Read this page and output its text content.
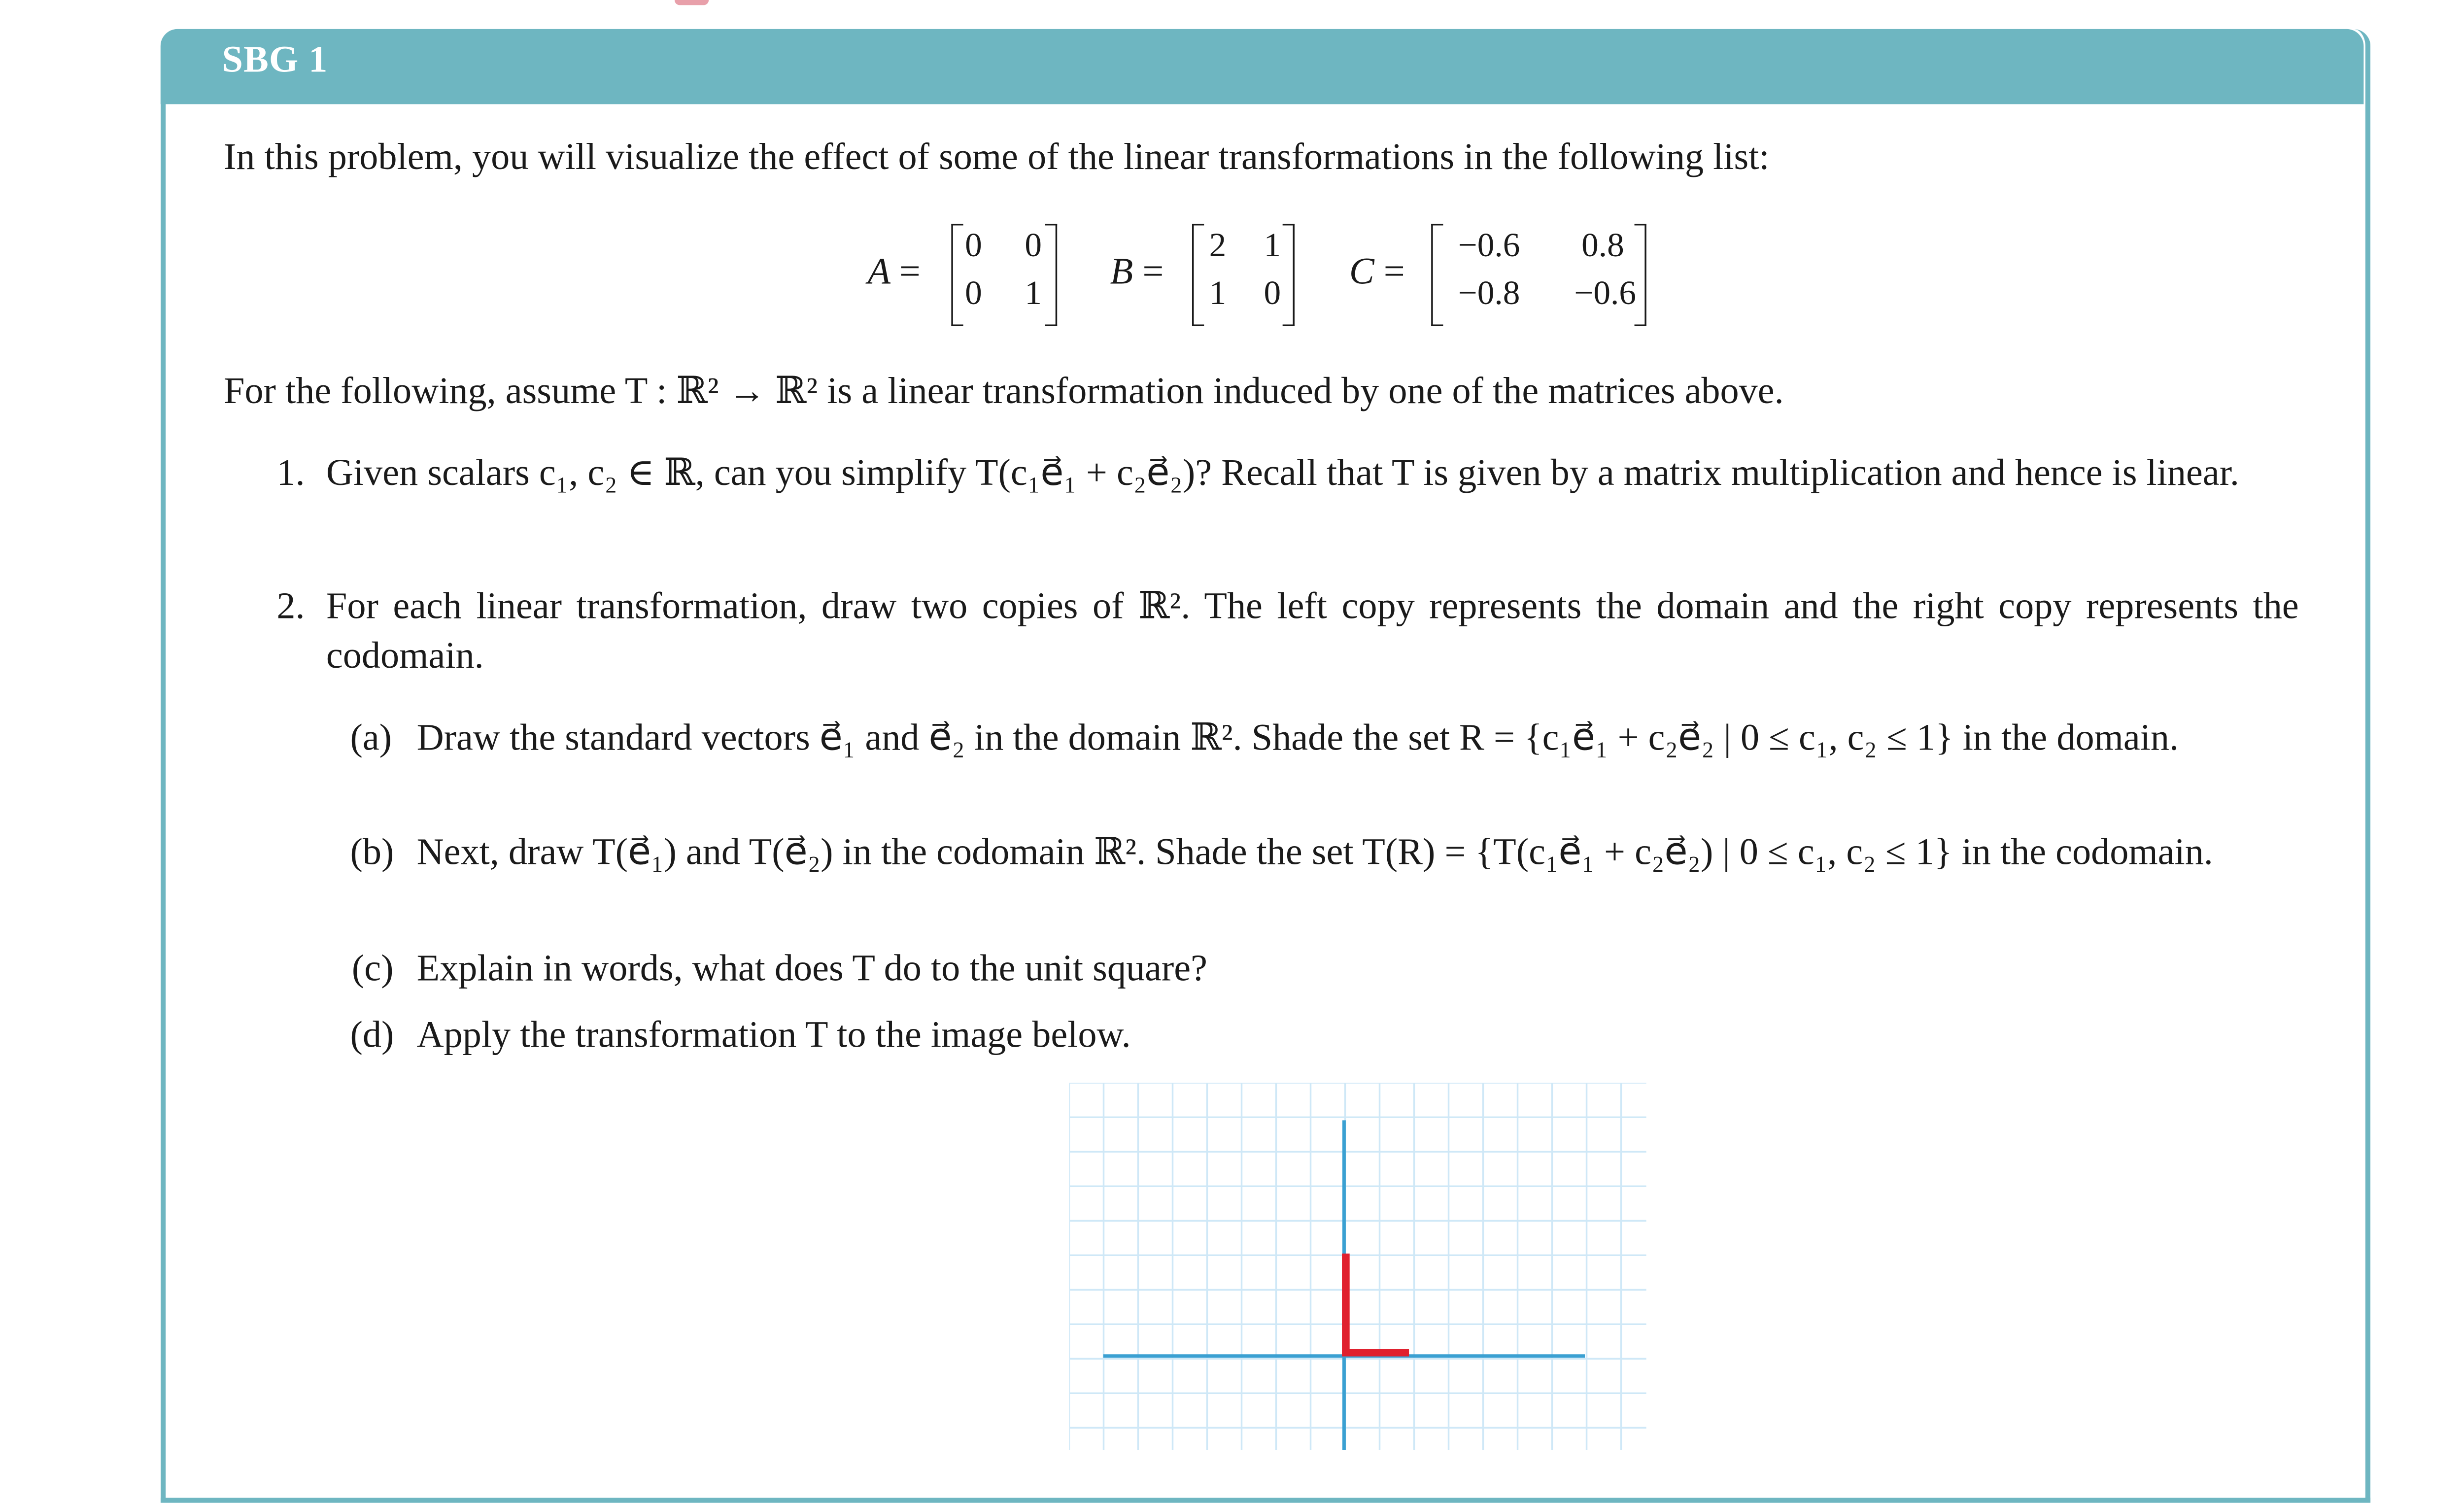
SBG 1
In this problem, you will visualize the effect of some of the linear transformations in the following list:
A =
0	0
0	1
B =
2	1
1	0
C =
−0.6	0.8
−0.8	−0.6
For the following, assume T : ℝ² → ℝ² is a linear transformation induced by one of the matrices above.
1. Given scalars c₁, c₂ ∈ ℝ, can you simplify T(c₁e⃗₁ + c₂e⃗₂)? Recall that T is given by a matrix multiplication and hence is linear.
2. For each linear transformation, draw two copies of ℝ². The left copy represents the domain and the right copy represents the codomain.
(a) Draw the standard vectors e⃗₁ and e⃗₂ in the domain ℝ². Shade the set R = {c₁e⃗₁ + c₂e⃗₂ | 0 ≤ c₁, c₂ ≤ 1} in the domain.
(b) Next, draw T(e⃗₁) and T(e⃗₂) in the codomain ℝ². Shade the set T(R) = {T(c₁e⃗₁ + c₂e⃗₂) | 0 ≤ c₁, c₂ ≤ 1} in the codomain.
(c) Explain in words, what does T do to the unit square?
(d) Apply the transformation T to the image below.
